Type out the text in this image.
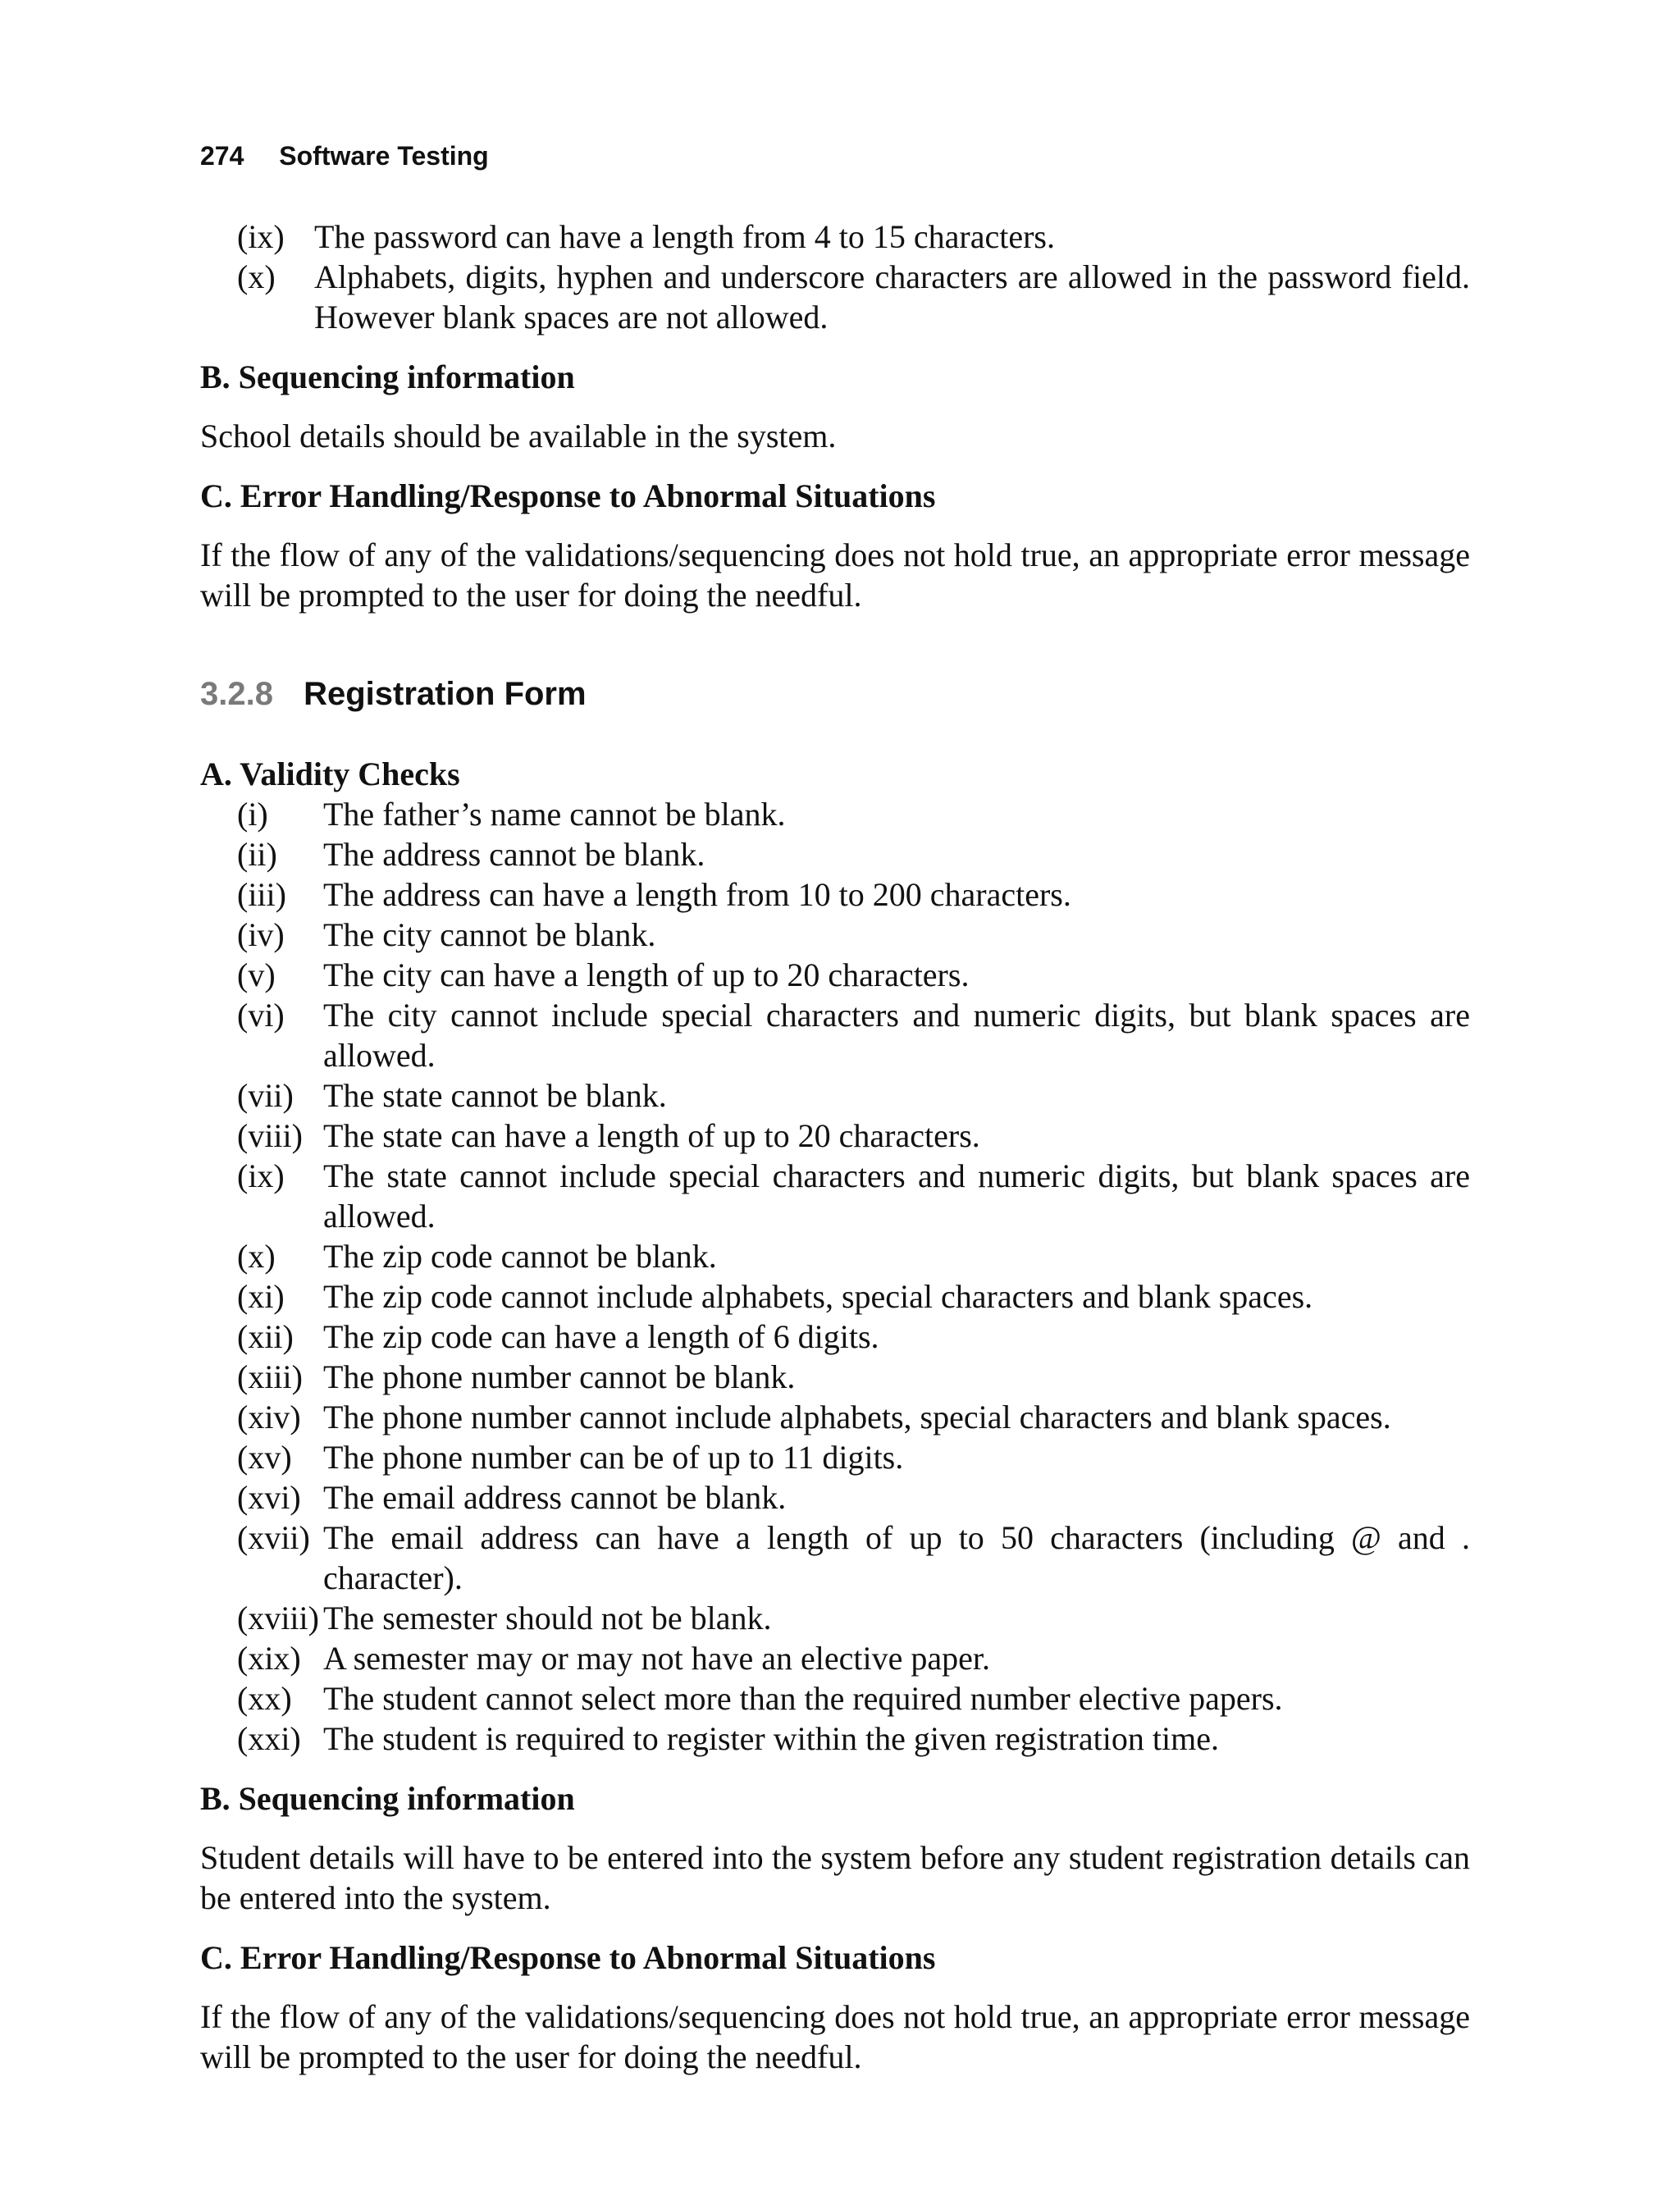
274 Software Testing
(ix) The password can have a length from 4 to 15 characters.
(x)	Alphabets, digits, hyphen and underscore characters are allowed in the password field. However blank spaces are not allowed.
B. Sequencing information
School details should be available in the system.
C. Error Handling/Response to Abnormal Situations
If the flow of any of the validations/sequencing does not hold true, an appropriate error message will be prompted to the user for doing the needful.
3.2.8 Registration Form
A. Validity Checks
(i)	The father’s name cannot be blank.
(ii)	The address cannot be blank.
(iii)	The address can have a length from 10 to 200 characters.
(iv)	The city cannot be blank.
(v)	The city can have a length of up to 20 characters.
(vi)	The city cannot include special characters and numeric digits, but blank spaces are allowed.
(vii) The state cannot be blank.
(viii) The state can have a length of up to 20 characters.
(ix)	The state cannot include special characters and numeric digits, but blank spaces are allowed.
(x)	The zip code cannot be blank.
(xi)	The zip code cannot include alphabets, special characters and blank spaces.
(xii) The zip code can have a length of 6 digits.
(xiii) The phone number cannot be blank.
(xiv) The phone number cannot include alphabets, special characters and blank spaces.
(xv) The phone number can be of up to 11 digits.
(xvi) The email address cannot be blank.
(xvii) The email address can have a length of up to 50 characters (including @ and . character).
(xviii) The semester should not be blank.
(xix) A semester may or may not have an elective paper.
(xx) The student cannot select more than the required number elective papers.
(xxi) The student is required to register within the given registration time.
B. Sequencing information
Student details will have to be entered into the system before any student registration details can be entered into the system.
C. Error Handling/Response to Abnormal Situations
If the flow of any of the validations/sequencing does not hold true, an appropriate error message will be prompted to the user for doing the needful.
